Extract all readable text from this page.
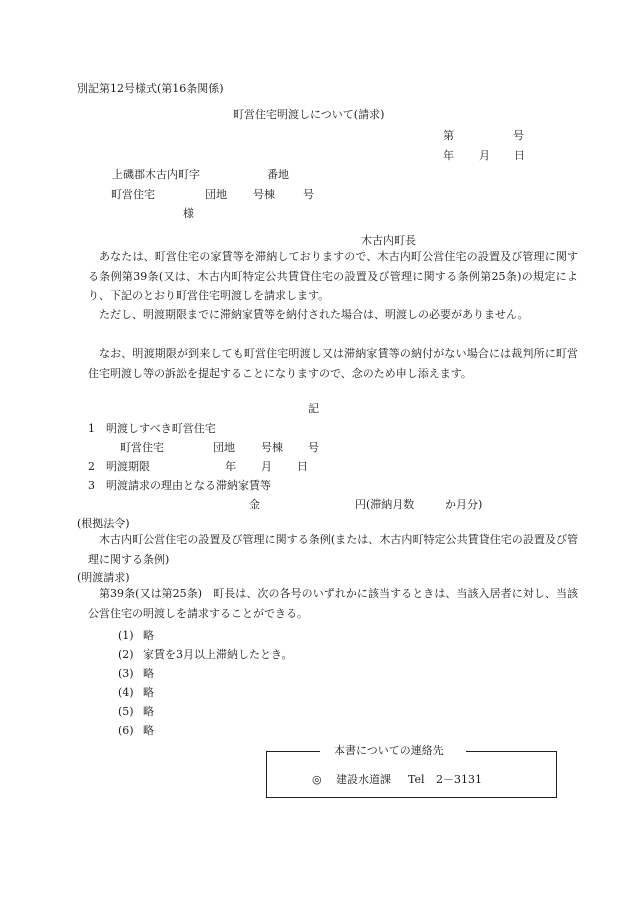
別記第12号様式(第16条関係)
町営住宅明渡しについて(請求)
第	号
年 月 日
上磯郡木古内町字	番地
町営住宅	団地 号棟	号
様
木古内町長
あなたは、町営住宅の家賃等を滞納しておりますので、木古内町公営住宅の設置及び管理に関する条例第39条(又は、木古内町特定公共賃貸住宅の設置及び管理に関する条例第25条)の規定により、下記のとおり町営住宅明渡しを請求します。
ただし、明渡期限までに滞納家賃等を納付された場合は、明渡しの必要がありません。
なお、明渡期限が到来しても町営住宅明渡し又は滞納家賃等の納付がない場合には裁判所に町営住宅明渡し等の訴訟を提起することになりますので、念のため申し添えます。
記
1　明渡しすべき町営住宅
町営住宅	団地 号棟 号
2　明渡期限	年 月 日
3　明渡請求の理由となる滞納家賃等
金	円(滞納月数	か月分)
(根拠法令)
木古内町公営住宅の設置及び管理に関する条例(または、木古内町特定公共賃貸住宅の設置及び管理に関する条例)
(明渡請求)
第39条(又は第25条)　町長は、次の各号のいずれかに該当するときは、当該入居者に対し、当該公営住宅の明渡しを請求することができる。
(1) 略
(2) 家賃を3月以上滞納したとき。
(3) 略
(4) 略
(5) 略
(6) 略
本書についての連絡先
◎ 建設水道課 Tel 2－3131
